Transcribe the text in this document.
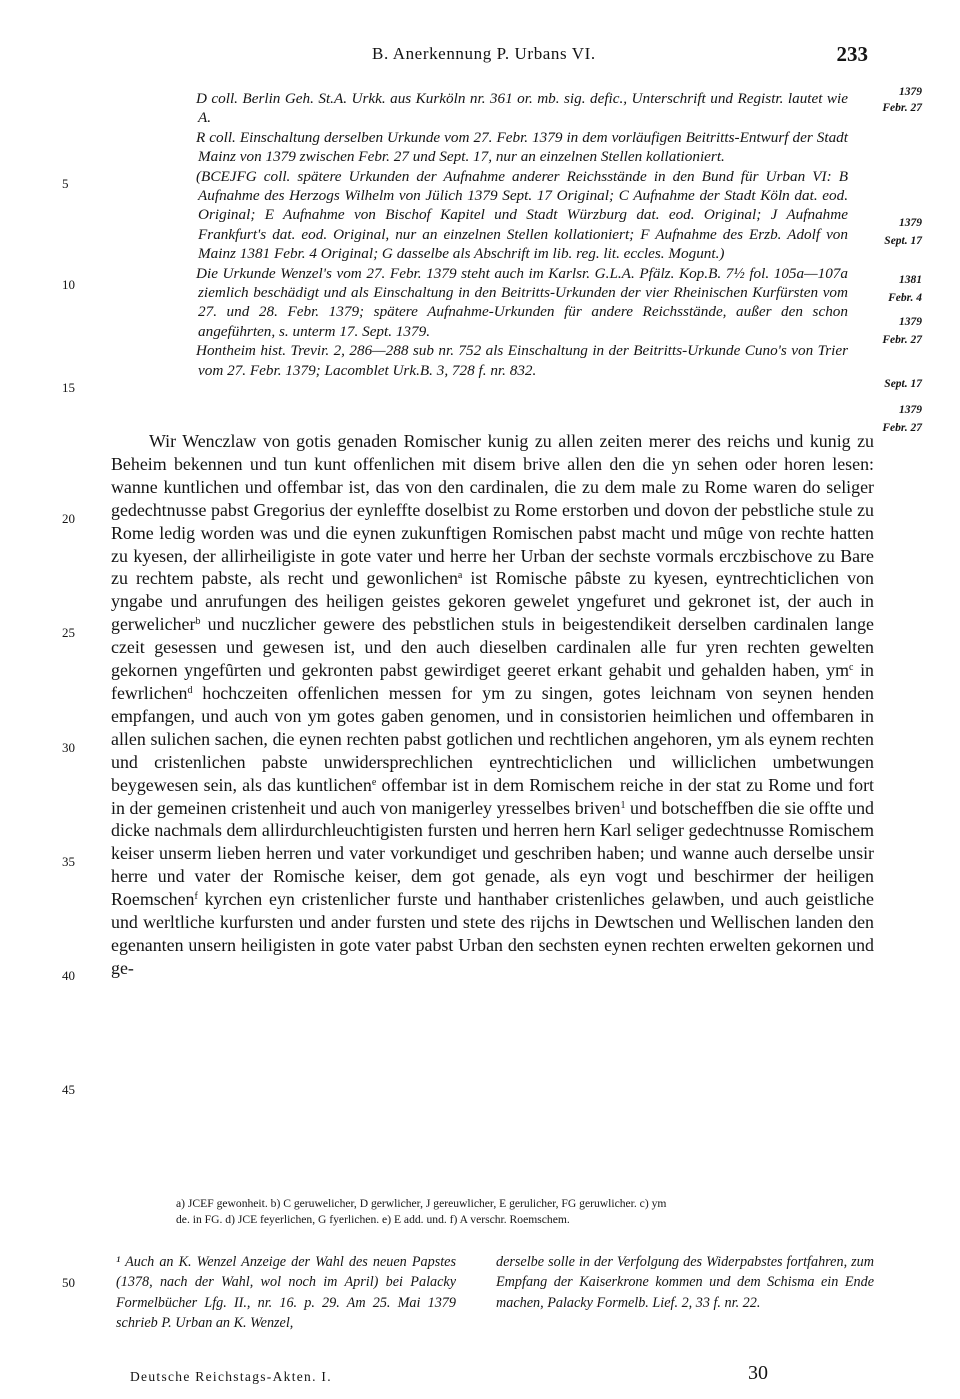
B. Anerkennung P. Urbans VI.	233
5
10
15
20
25
30
35
40
45
50
1379
Febr. 27
1379
Sept. 17
1381
Febr. 4
1379
Febr. 27
Sept. 17
1379
Febr. 27

D coll. Berlin Geh. St.A. Urkk. aus Kurköln nr. 361 or. mb. sig. defic., Unterschrift und Registr. lautet wie A.

R coll. Einschaltung derselben Urkunde vom 27. Febr. 1379 in dem vorläufigen Beitritts-Entwurf der Stadt Mainz von 1379 zwischen Febr. 27 und Sept. 17, nur an einzelnen Stellen kollationiert.

(BCEJFG coll. spätere Urkunden der Aufnahme anderer Reichsstände in den Bund für Urban VI: B Aufnahme des Herzogs Wilhelm von Jülich 1379 Sept. 17 Original; C Aufnahme der Stadt Köln dat. eod. Original; E Aufnahme von Bischof Kapitel und Stadt Würzburg dat. eod. Original; J Aufnahme Frankfurt's dat. eod. Original, nur an einzelnen Stellen kollationiert; F Aufnahme des Erzb. Adolf von Mainz 1381 Febr. 4 Original; G dasselbe als Abschrift im lib. reg. lit. eccles. Mogunt.)

Die Urkunde Wenzel's vom 27. Febr. 1379 steht auch im Karlsr. G.L.A. Pfälz. Kop.B. 7½ fol. 105a—107a ziemlich beschädigt und als Einschaltung in den Beitritts-Urkunden der vier Rheinischen Kurfürsten vom 27. und 28. Febr. 1379; spätere Aufnahme-Urkunden für andere Reichsstände, außer den schon angeführten, s. unterm 17. Sept. 1379.

Hontheim hist. Trevir. 2, 286—288 sub nr. 752 als Einschaltung in der Beitritts-Urkunde Cuno's von Trier vom 27. Febr. 1379; Lacomblet Urk.B. 3, 728 f. nr. 832.

Wir Wenczlaw von gotis genaden Romischer kunig zu allen zeiten merer des reichs und kunig zu Beheim bekennen und tun kunt offenlichen mit disem brive allen den die yn sehen oder horen lesen: wanne kuntlichen und offembar ist, das von den cardinalen, die zu dem male zu Rome waren do seliger gedechtnusse pabst Gregorius der eynleffte doselbist zu Rome erstorben und dovon der pebstliche stule zu Rome ledig worden was und die eynen zukunftigen Romischen pabst macht und mȗge von rechte hatten zu kyesen, der allirheiligiste in gote vater und herre her Urban der sechste vormals erczbischove zu Bare zu rechtem pabste, als recht und gewonlichen$^a$ ist Romische pȃbste zu kyesen, eyntrechticlichen von yngabe und anrufungen des heiligen geistes gekoren gewelet yngefuret und gekronet ist, der auch in gerwelicher$^b$ und nuczlicher gewere des pebstlichen stuls in beigestendikeit derselben cardinalen lange czeit gesessen und gewesen ist, und den auch dieselben cardinalen alle fur yren rechten gewelten gekornen yngefȗrten und gekronten pabst gewirdiget geeret erkant gehabit und gehalden haben, $ym^c$ in fewrlichen$^d$ hochczeiten offenlichen messen for ym zu singen, gotes leichnam von seynen henden empfangen, und auch von ym gotes gaben genomen, und in consistorien heimlichen und offembaren in allen sulichen sachen, die eynen rechten pabst gotlichen und rechtlichen angehoren, ym als eynem rechten und cristenlichen pabste unwidersprechlichen eyntrechticlichen und williclichen umbetwungen beygewesen sein, als das kuntlichen$^e$ offembar ist in dem Romischem reiche in der stat zu Rome und fort in der gemeinen cristenheit und auch von manigerley yresselbes briven$^1$ und botscheffben die sie offte und dicke nachmals dem allirdurchleuchtigisten fursten und herren hern Karl seliger gedechtnusse Romischem keiser unserm lieben herren und vater vorkundiget und geschriben haben; und wanne auch derselbe unsir herre und vater der Romische keiser, dem got genade, als eyn vogt und beschirmer der heiligen Roemschen$^f$ kyrchen eyn cristenlicher furste und hanthaber cristenliches gelawben, und auch geistliche und werltliche kurfursten und ander fursten und stete des rijchs in Dewtschen und Wellischen landen den egenanten unsern heiligisten in gote vater pabst Urban den sechsten eynen rechten erwelten gekornen und ge-

a) JCEF gewonheit. b) C geruwelicher, D gerwlicher, J gereuwlicher, E gerulicher, FG geruwlicher. c) ym

de. in FG. d) JCE feyerlichen, G fyerlichen. e) E add. und. f) A verschr. Roemschem.

¹ Auch an K. Wenzel Anzeige der Wahl des neuen Papstes (1378, nach der Wahl, wol noch im April) bei Palacky Formelbücher Lfg. II., nr. 16. p. 29. Am 25. Mai 1379 schrieb P. Urban an K. Wenzel,

derselbe solle in der Verfolgung des Widerpabstes fortfahren, zum Empfang der Kaiserkrone kommen und dem Schisma ein Ende machen, Palacky Formelb. Lief. 2, 33 f. nr. 22.

Deutsche Reichstags-Akten. I.	30
